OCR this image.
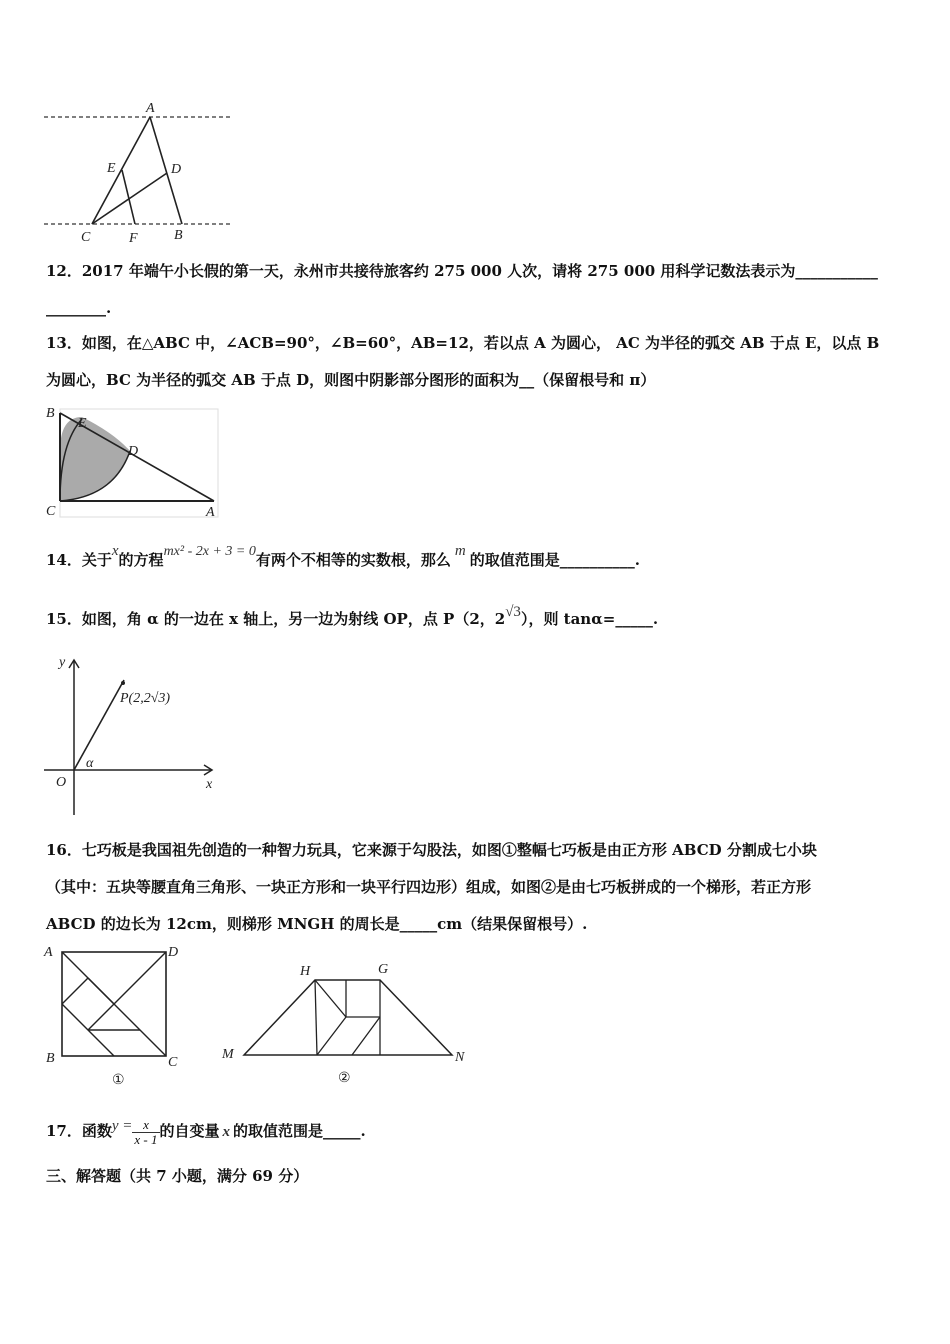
A
E	D
C	F	B
12．2017 年端午小长假的第一天，永州市共接待旅客约 275 000 人次，请将 275 000 用科学记数法表示为___________
________.
13．如图，在△ABC 中，∠ACB=90°，∠B=60°，AB=12，若以点 A 为圆心， AC 为半径的弧交 AB 于点 E，以点 B
为圆心，BC 为半径的弧交 AB 于点 D，则图中阴影部分图形的面积为__（保留根号和 π）
B
E
D
C	A
14．关于x的方程mx² - 2x + 3 = 0有两个不相等的实数根，那么 m 的取值范围是__________.
15．如图，角 α 的一边在 x 轴上，另一边为射线 OP，点 P（2，2√3），则 tanα=_____.
y
P(2,2√3)
α
O	x
16．七巧板是我国祖先创造的一种智力玩具，它来源于勾股法，如图①整幅七巧板是由正方形 ABCD 分割成七小块
（其中：五块等腰直角三角形、一块正方形和一块平行四边形）组成，如图②是由七巧板拼成的一个梯形，若正方形
ABCD 的边长为 12cm，则梯形 MNGH 的周长是_____cm（结果保留根号）.
A	D
B	C
①
H	G
M	N
②
17．函数$y = \frac{x}{x - 1}$ 的自变量 x 的取值范围是_____.
三、解答题（共 7 小题，满分 69 分）
